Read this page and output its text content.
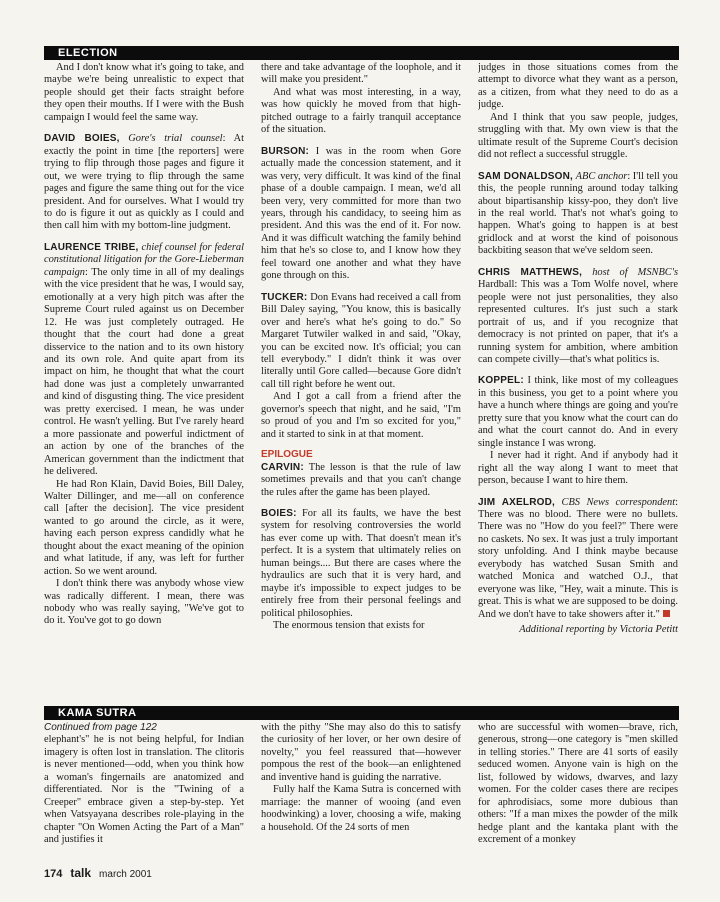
ELECTION

And I don't know what it's going to take, and maybe we're being unrealistic to expect that people should get their facts straight before they open their mouths. If I were with the Bush campaign I would feel the same way.

DAVID BOIES, Gore's trial counsel: At exactly the point in time [the reporters] were trying to flip through those pages and figure it out, we were trying to flip through the same pages and figure the same thing out for the vice president. And for ourselves. What I would try to do is figure it out as quickly as I could and then call him with my bottom-line judgment.

LAURENCE TRIBE, chief counsel for federal constitutional litigation for the Gore-Lieberman campaign: The only time in all of my dealings with the vice president that he was, I would say, emotionally at a very high pitch was after the Supreme Court ruled against us on December 12. He was just completely outraged. He thought that the court had done a great disservice to the nation and to its own history and its own role. And quite apart from its impact on him, he thought that what the court had done was just a completely unwarranted and kind of disgusting thing. The vice president was pretty exercised. I mean, he was under control. He wasn't yelling. But I've rarely heard a more passionate and powerful indictment of an action by one of the branches of the American government than the indictment that he delivered.

He had Ron Klain, David Boies, Bill Daley, Walter Dillinger, and me—all on conference call [after the decision]. The vice president wanted to go around the circle, as it were, having each person express candidly what he thought about the exact meaning of the opinion and what latitude, if any, was left for further action. So we went around.

I don't think there was anybody whose view was radically different. I mean, there was nobody who was really saying, "We've got to do it. You've got to go down

there and take advantage of the loophole, and it will make you president."

And what was most interesting, in a way, was how quickly he moved from that high-pitched outrage to a fairly tranquil acceptance of the situation.

BURSON: I was in the room when Gore actually made the concession statement, and it was very, very difficult. It was kind of the final phase of a double campaign. I mean, we'd all been very, very committed for more than two years, through his candidacy, to seeing him as president. And this was the end of it. For now. And it was difficult watching the family behind him that he's so close to, and I know how they feel toward one another and what they have gone through on this.

TUCKER: Don Evans had received a call from Bill Daley saying, "You know, this is basically over and here's what he's going to do." So Margaret Tutwiler walked in and said, "Okay, you can be excited now. It's official; you can tell everybody." I didn't think it was over literally until Gore called—because Gore didn't call till right before he went out.

And I got a call from a friend after the governor's speech that night, and he said, "I'm so proud of you and I'm so excited for you," and it started to sink in at that moment.

EPILOGUE

CARVIN: The lesson is that the rule of law sometimes prevails and that you can't change the rules after the game has been played.

BOIES: For all its faults, we have the best system for resolving controversies the world has ever come up with. That doesn't mean it's perfect. It is a system that ultimately relies on human beings.... But there are cases where the hydraulics are such that it is very hard, and maybe it's impossible to expect judges to be entirely free from their personal feelings and political philosophies.

The enormous tension that exists for

judges in those situations comes from the attempt to divorce what they want as a person, as a citizen, from what they need to do as a judge.

And I think that you saw people, judges, struggling with that. My own view is that the ultimate result of the Supreme Court's decision did not reflect a successful struggle.

SAM DONALDSON, ABC anchor: I'll tell you this, the people running around today talking about bipartisanship kissy-poo, they don't live in the real world. That's not what's going to happen. What's going to happen is at best gridlock and at worst the kind of poisonous backbiting season that we've seldom seen.

CHRIS MATTHEWS, host of MSNBC's Hardball: This was a Tom Wolfe novel, where people were not just personalities, they also represented cultures. It's just such a stark portrait of us, and if you recognize that democracy is not printed on paper, that it's a running system for ambition, where ambition can compete civilly—that's what politics is.

KOPPEL: I think, like most of my colleagues in this business, you get to a point where you have a hunch where things are going and you're pretty sure that you know what the court can do and what the court cannot do. And in every single instance I was wrong.

I never had it right. And if anybody had it right all the way along I want to meet that person, because I want to hire them.

JIM AXELROD, CBS News correspondent: There was no blood. There were no bullets. There was no "How do you feel?" There were no caskets. No sex. It was just a truly important story unfolding. And I think maybe because everybody has watched Susan Smith and watched Monica and watched O.J., that everyone was like, "Hey, wait a minute. This is great. This is what we are supposed to be doing. And we don't have to take showers after it."

Additional reporting by Victoria Petitt
KAMA SUTRA
Continued from page 122

elephant's" he is not being helpful, for Indian imagery is often lost in translation. The clitoris is never mentioned—odd, when you think how a woman's fingernails are anatomized and differentiated. Nor is the "Twining of a Creeper" embrace given a step-by-step. Yet when Vatsyayana describes role-playing in the chapter "On Women Acting the Part of a Man" and justifies it

with the pithy "She may also do this to satisfy the curiosity of her lover, or her own desire of novelty," you feel reassured that—however pompous the rest of the book—an enlightened and inventive hand is guiding the narrative.

Fully half the Kama Sutra is concerned with marriage: the manner of wooing (and even hoodwinking) a lover, choosing a wife, making a household. Of the 24 sorts of men

who are successful with women—brave, rich, generous, strong—one category is "men skilled in telling stories." There are 41 sorts of easily seduced women. Anyone vain is high on the list, followed by widows, dwarves, and lazy women. For the colder cases there are recipes for aphrodisiacs, some more dubious than others: "If a man mixes the powder of the milk hedge plant and the kantaka plant with the excrement of a monkey

174 talk march 2001
